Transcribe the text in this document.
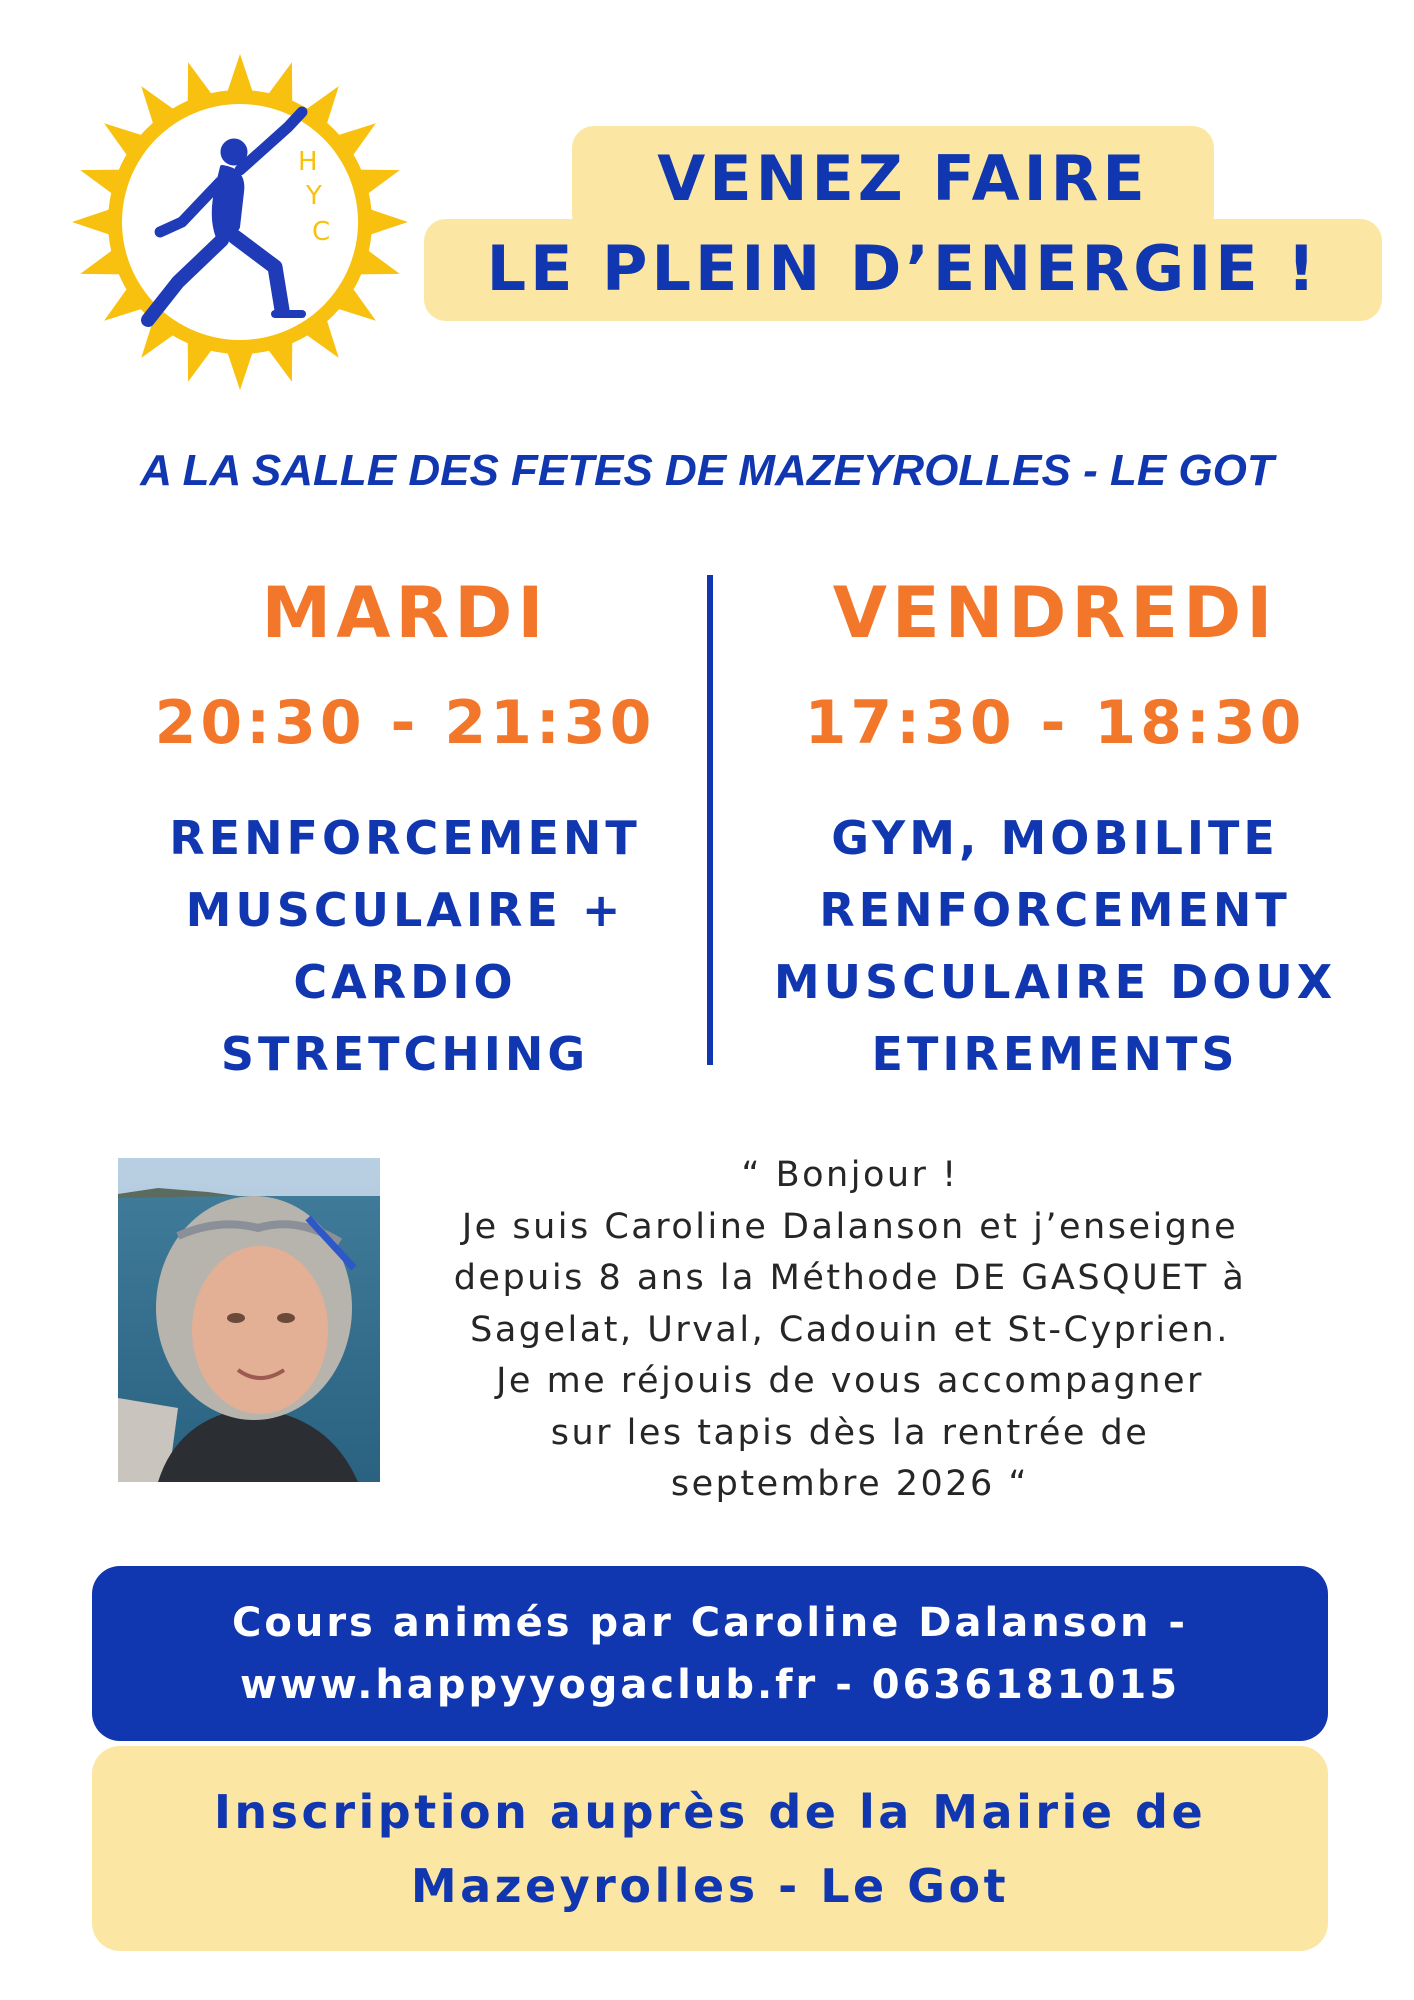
H
Y
C
VENEZ FAIRE
LE PLEIN D’ENERGIE !
A LA SALLE DES FETES DE MAZEYROLLES - LE GOT
MARDI
20:30 - 21:30
RENFORCEMENT
MUSCULAIRE +
CARDIO
STRETCHING
VENDREDI
17:30 - 18:30
GYM, MOBILITE
RENFORCEMENT
MUSCULAIRE DOUX
ETIREMENTS
“ Bonjour !
Je suis Caroline Dalanson et j’enseigne
depuis 8 ans la Méthode DE GASQUET à
Sagelat, Urval, Cadouin et St-Cyprien.
Je me réjouis de vous accompagner
sur les tapis dès la rentrée de
septembre 2026 “
Cours animés par Caroline Dalanson -
www.happyyogaclub.fr - 0636181015
Inscription auprès de la Mairie de
Mazeyrolles - Le Got
